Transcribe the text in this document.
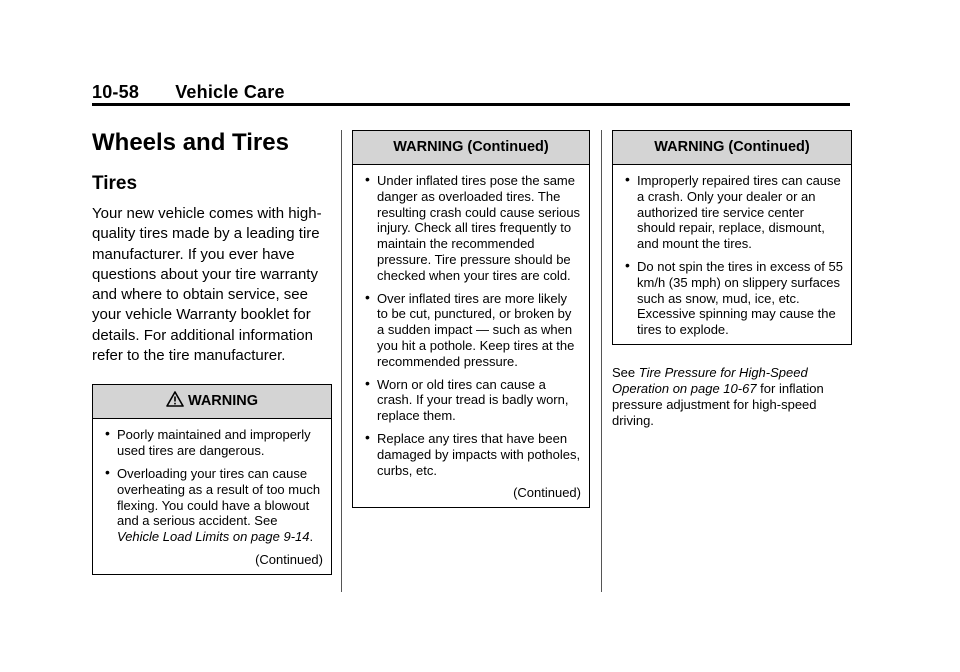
10-58 Vehicle Care
Wheels and Tires
Tires

Your new vehicle comes with high-quality tires made by a leading tire manufacturer. If you ever have questions about your tire warranty and where to obtain service, see your vehicle Warranty booklet for details. For additional information refer to the tire manufacturer.

WARNING
• Poorly maintained and improperly used tires are dangerous.
• Overloading your tires can cause overheating as a result of too much flexing. You could have a blowout and a serious accident. See Vehicle Load Limits on page 9-14.
(Continued)
WARNING (Continued)
• Under inflated tires pose the same danger as overloaded tires. The resulting crash could cause serious injury. Check all tires frequently to maintain the recommended pressure. Tire pressure should be checked when your tires are cold.
• Over inflated tires are more likely to be cut, punctured, or broken by a sudden impact — such as when you hit a pothole. Keep tires at the recommended pressure.
• Worn or old tires can cause a crash. If your tread is badly worn, replace them.
• Replace any tires that have been damaged by impacts with potholes, curbs, etc.
(Continued)
WARNING (Continued)
• Improperly repaired tires can cause a crash. Only your dealer or an authorized tire service center should repair, replace, dismount, and mount the tires.
• Do not spin the tires in excess of 55 km/h (35 mph) on slippery surfaces such as snow, mud, ice, etc. Excessive spinning may cause the tires to explode.
See Tire Pressure for High-Speed Operation on page 10-67 for inflation pressure adjustment for high-speed driving.
